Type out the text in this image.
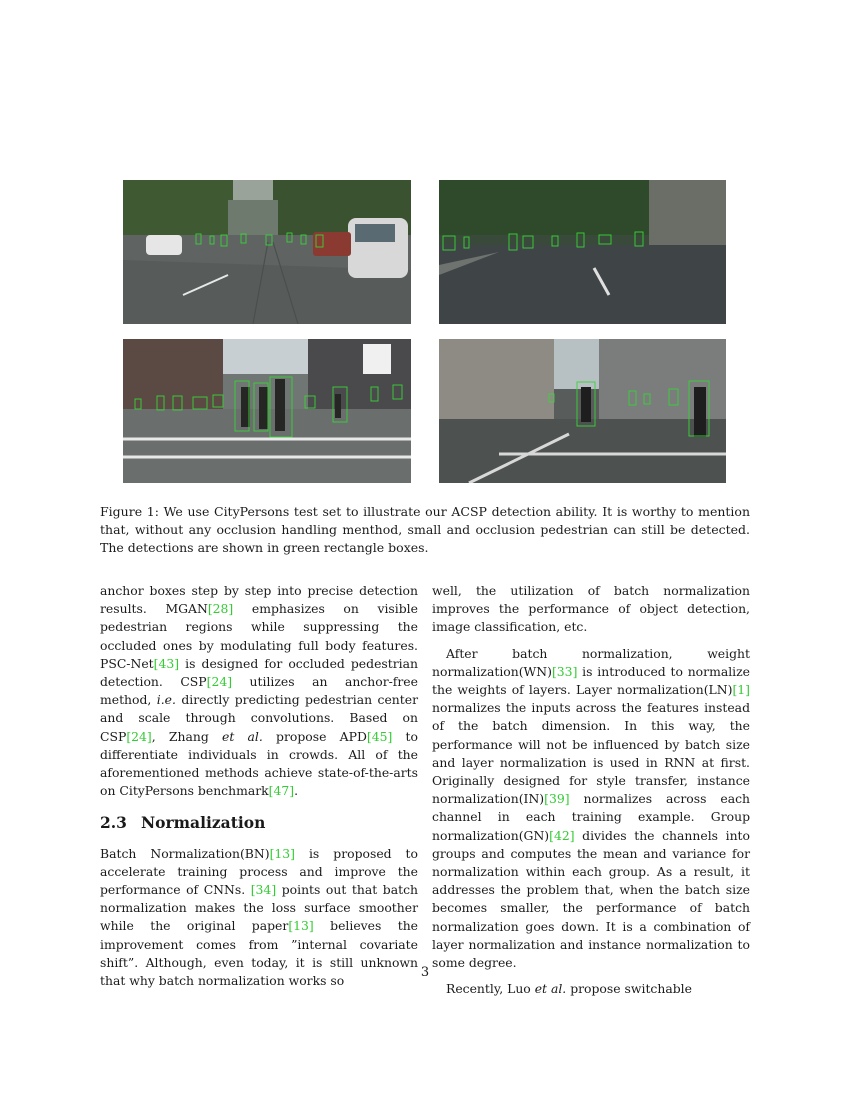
Figure 1: We use CityPersons test set to illustrate our ACSP detection ability. It is worthy to mention that, without any occlusion handling menthod, small and occlusion pedestrian can still be detected. The detections are shown in green rectangle boxes.

anchor boxes step by step into precise detection results. MGAN[28] emphasizes on visible pedestrian regions while suppressing the occluded ones by modulating full body features. PSC-Net[43] is designed for occluded pedestrian detection. CSP[24] utilizes an anchor-free method, i.e. directly predicting pedestrian center and scale through convolutions. Based on CSP[24], Zhang et al. propose APD[45] to differentiate individuals in crowds. All of the aforementioned methods achieve state-of-the-arts on CityPersons benchmark[47].

2.3 Normalization

Batch Normalization(BN)[13] is proposed to accelerate training process and improve the performance of CNNs. [34] points out that batch normalization makes the loss surface smoother while the original paper[13] believes the improvement comes from ”internal covariate shift”. Although, even today, it is still unknown that why batch normalization works so

well, the utilization of batch normalization improves the performance of object detection, image classification, etc.

After batch normalization, weight normalization(WN)[33] is introduced to normalize the weights of layers. Layer normalization(LN)[1] normalizes the inputs across the features instead of the batch dimension. In this way, the performance will not be influenced by batch size and layer normalization is used in RNN at first. Originally designed for style transfer, instance normalization(IN)[39] normalizes across each channel in each training example. Group normalization(GN)[42] divides the channels into groups and computes the mean and variance for normalization within each group. As a result, it addresses the problem that, when the batch size becomes smaller, the performance of batch normalization goes down. It is a combination of layer normalization and instance normalization to some degree.

Recently, Luo et al. propose switchable

3
